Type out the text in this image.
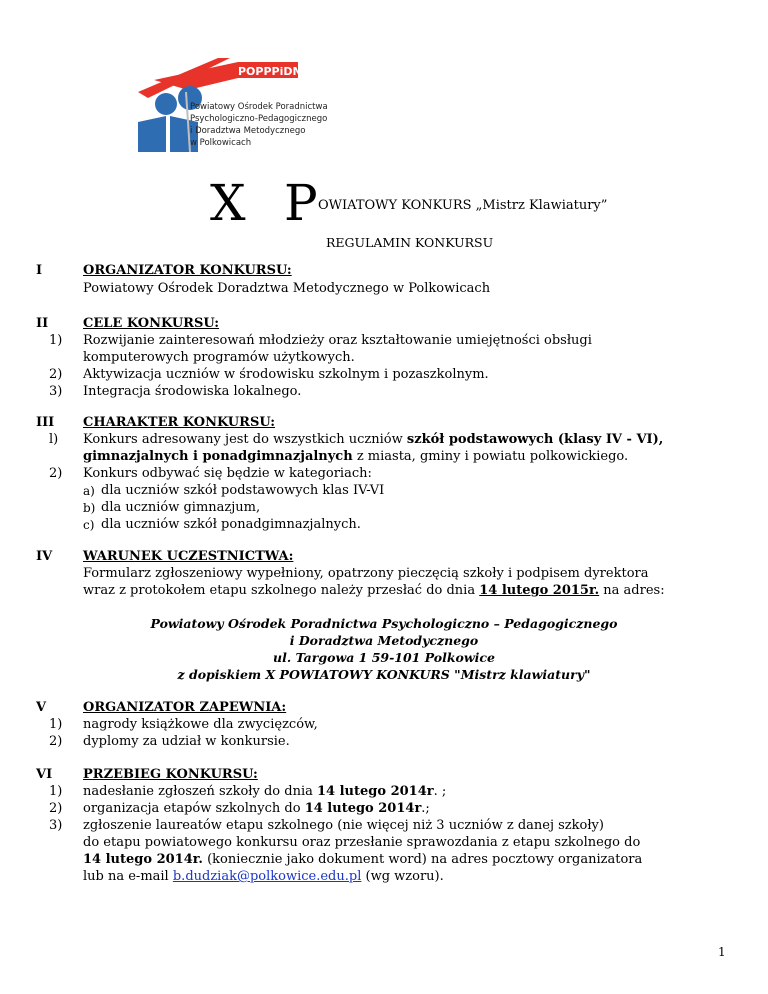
POPPPiDM
Powiatowy Ośrodek Poradnictwa
Psychologiczno-Pedagogicznego
i Doradztwa Metodycznego
w Polkowicach
X P OWIATOWY KONKURS „Mistrz Klawiatury”
REGULAMIN KONKURSU
I	ORGANIZATOR KONKURSU:
Powiatowy Ośrodek Doradztwa Metodycznego w Polkowicach
II	CELE KONKURSU:
1) Rozwijanie zainteresowań młodzieży oraz kształtowanie umiejętności obsługi
komputerowych programów użytkowych.
2) Aktywizacja uczniów w środowisku szkolnym i pozaszkolnym.
3) Integracja środowiska lokalnego.
III CHARAKTER KONKURSU:
l) Konkurs adresowany jest do wszystkich uczniów szkół podstawowych (klasy IV - VI),
gimnazjalnych i ponadgimnazjalnych z miasta, gminy i powiatu polkowickiego.
2) Konkurs odbywać się będzie w kategoriach:
a) dla uczniów szkół podstawowych klas IV-VI
b) dla uczniów gimnazjum,
c) dla uczniów szkół ponadgimnazjalnych.
IV WARUNEK UCZESTNICTWA:
Formularz zgłoszeniowy wypełniony, opatrzony pieczęcią szkoły i podpisem dyrektora
wraz z protokołem etapu szkolnego należy przesłać do dnia 14 lutego 2015r. na adres:
Powiatowy Ośrodek Poradnictwa Psychologiczno – Pedagogicznego
i Doradztwa Metodycznego
ul. Targowa 1 59-101 Polkowice
z dopiskiem X POWIATOWY KONKURS "Mistrz klawiatury"
V	ORGANIZATOR ZAPEWNIA:
1) nagrody książkowe dla zwycięzców,
2) dyplomy za udział w konkursie.
VI PRZEBIEG KONKURSU:
1) nadesłanie zgłoszeń szkoły do dnia 14 lutego 2014r. ;
2) organizacja etapów szkolnych do 14 lutego 2014r.;
3) zgłoszenie laureatów etapu szkolnego (nie więcej niż 3 uczniów z danej szkoły)
do etapu powiatowego konkursu oraz przesłanie sprawozdania z etapu szkolnego do
14 lutego 2014r. (koniecznie jako dokument word) na adres pocztowy organizatora
lub na e-mail b.dudziak@polkowice.edu.pl (wg wzoru).
1
